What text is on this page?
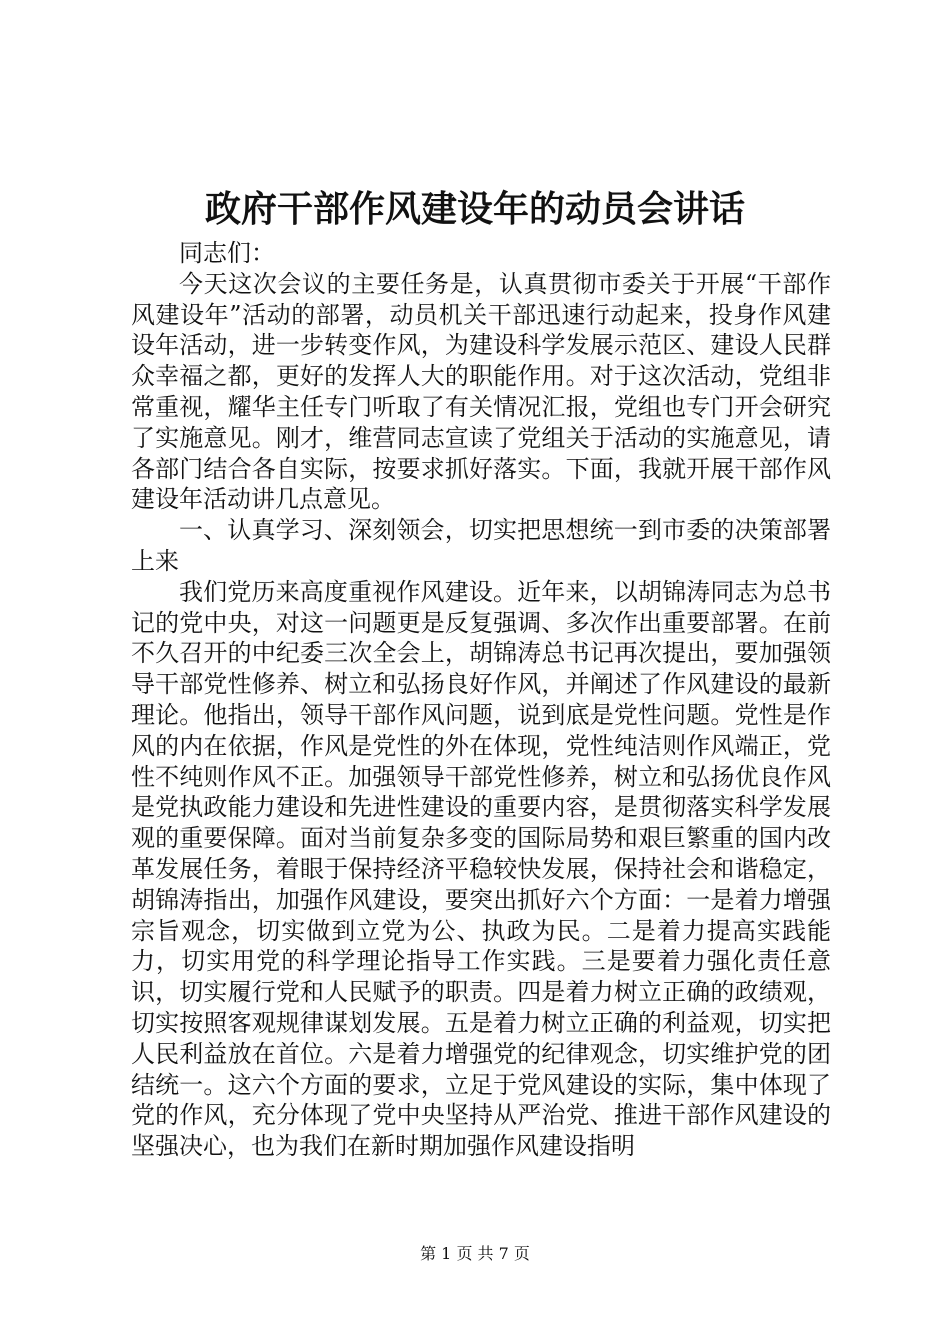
政府干部作风建设年的动员会讲话

同志们：

今天这次会议的主要任务是，认真贯彻市委关于开展“干部作风建设年”活动的部署，动员机关干部迅速行动起来，投身作风建设年活动，进一步转变作风，为建设科学发展示范区、建设人民群众幸福之都，更好的发挥人大的职能作用。对于这次活动，党组非常重视，耀华主任专门听取了有关情况汇报，党组也专门开会研究了实施意见。刚才，维营同志宣读了党组关于活动的实施意见，请各部门结合各自实际，按要求抓好落实。下面，我就开展干部作风建设年活动讲几点意见。

一、认真学习、深刻领会，切实把思想统一到市委的决策部署上来

我们党历来高度重视作风建设。近年来，以胡锦涛同志为总书记的党中央，对这一问题更是反复强调、多次作出重要部署。在前不久召开的中纪委三次全会上，胡锦涛总书记再次提出，要加强领导干部党性修养、树立和弘扬良好作风，并阐述了作风建设的最新理论。他指出，领导干部作风问题，说到底是党性问题。党性是作风的内在依据，作风是党性的外在体现，党性纯洁则作风端正，党性不纯则作风不正。加强领导干部党性修养，树立和弘扬优良作风是党执政能力建设和先进性建设的重要内容，是贯彻落实科学发展观的重要保障。面对当前复杂多变的国际局势和艰巨繁重的国内改革发展任务，着眼于保持经济平稳较快发展，保持社会和谐稳定，胡锦涛指出，加强作风建设，要突出抓好六个方面：一是着力增强宗旨观念，切实做到立党为公、执政为民。二是着力提高实践能力，切实用党的科学理论指导工作实践。三是要着力强化责任意识，切实履行党和人民赋予的职责。四是着力树立正确的政绩观，切实按照客观规律谋划发展。五是着力树立正确的利益观，切实把人民利益放在首位。六是着力增强党的纪律观念，切实维护党的团结统一。这六个方面的要求，立足于党风建设的实际，集中体现了党的作风，充分体现了党中央坚持从严治党、推进干部作风建设的坚强决心，也为我们在新时期加强作风建设指明

第 1 页 共 7 页
